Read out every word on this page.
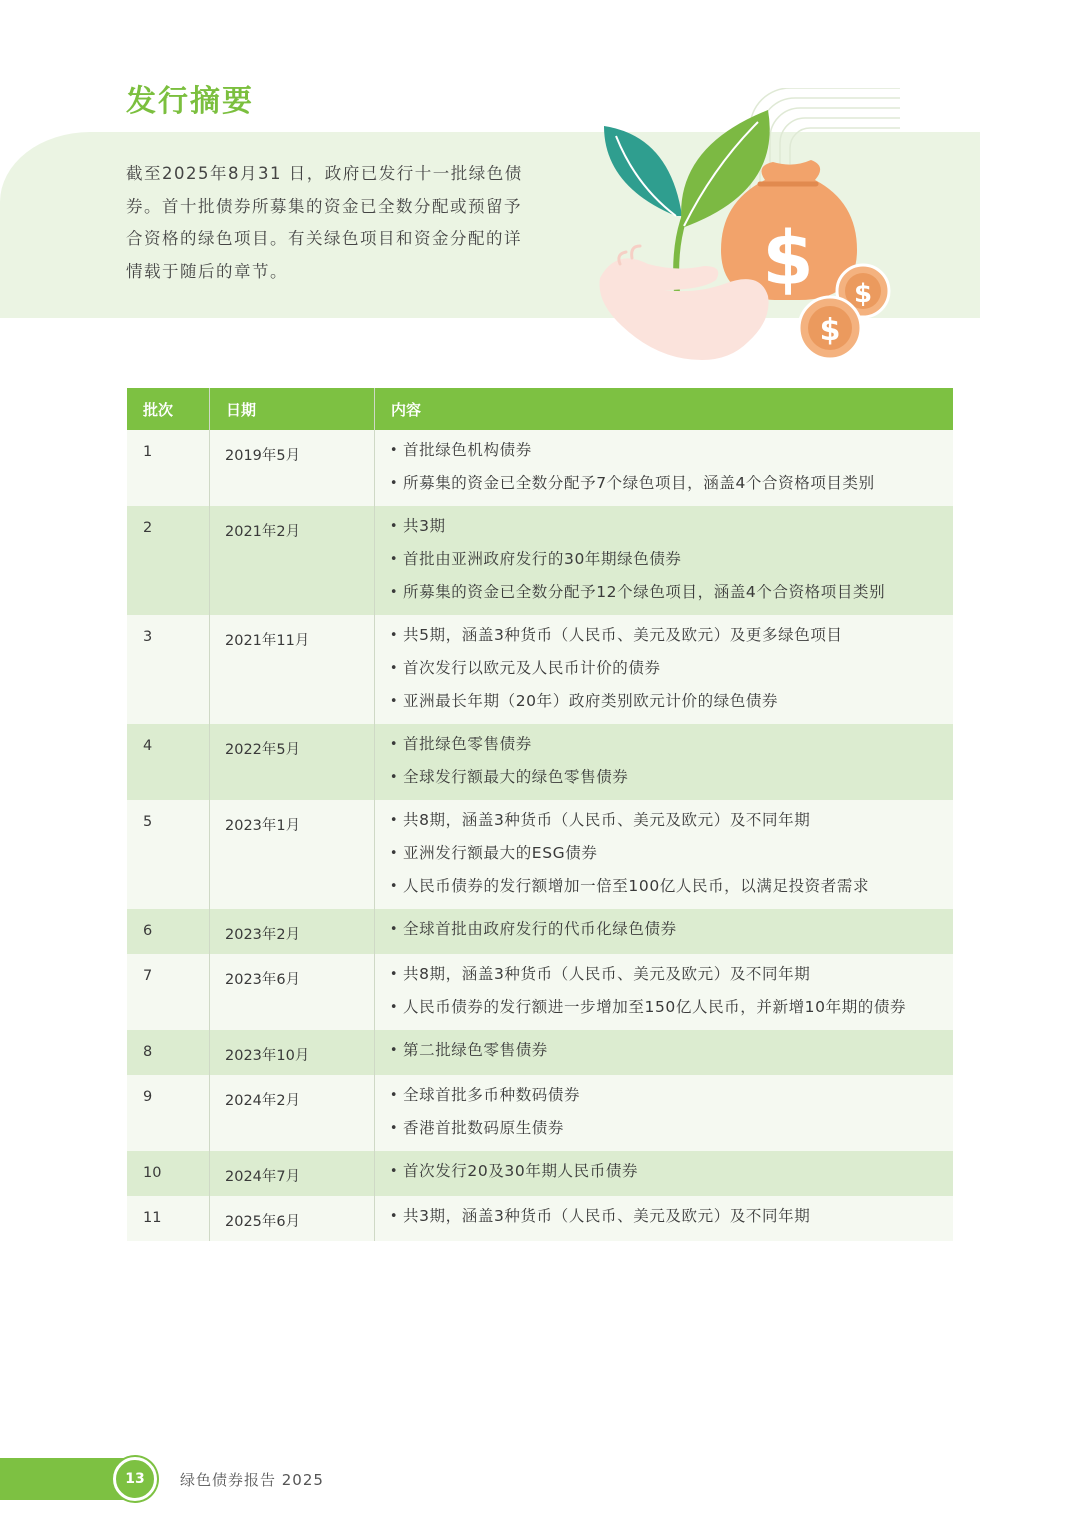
发行摘要
截至2025年8月31 日，政府已发行十一批绿色债券。首十批债券所募集的资金已全数分配或预留予合资格的绿色项目。有关绿色项目和资金分配的详情载于随后的章节。	$ $
$
批次	日期	内容
1	2019年5月	• 首批绿色机构债券
• 所募集的资金已全数分配予7个绿色项目，涵盖4个合资格项目类别
2	2021年2月	• 共3期
• 首批由亚洲政府发行的30年期绿色债券
• 所募集的资金已全数分配予12个绿色项目，涵盖4个合资格项目类别
3	2021年11月	• 共5期，涵盖3种货币（人民币、美元及欧元）及更多绿色项目
• 首次发行以欧元及人民币计价的债券
• 亚洲最长年期（20年）政府类别欧元计价的绿色债券
4	2022年5月	• 首批绿色零售债券
• 全球发行额最大的绿色零售债券
5	2023年1月	• 共8期，涵盖3种货币（人民币、美元及欧元）及不同年期
• 亚洲发行额最大的ESG债券
• 人民币债券的发行额增加一倍至100亿人民币，以满足投资者需求
6	2023年2月	• 全球首批由政府发行的代币化绿色债券
7	2023年6月	• 共8期，涵盖3种货币（人民币、美元及欧元）及不同年期
• 人民币债券的发行额进一步增加至150亿人民币，并新增10年期的债券
8	2023年10月	• 第二批绿色零售债券
9	2024年2月	• 全球首批多币种数码债券
• 香港首批数码原生债券
10	2024年7月	• 首次发行20及30年期人民币债券
11	2025年6月	• 共3期，涵盖3种货币（人民币、美元及欧元）及不同年期
13	绿色债券报告 2025
